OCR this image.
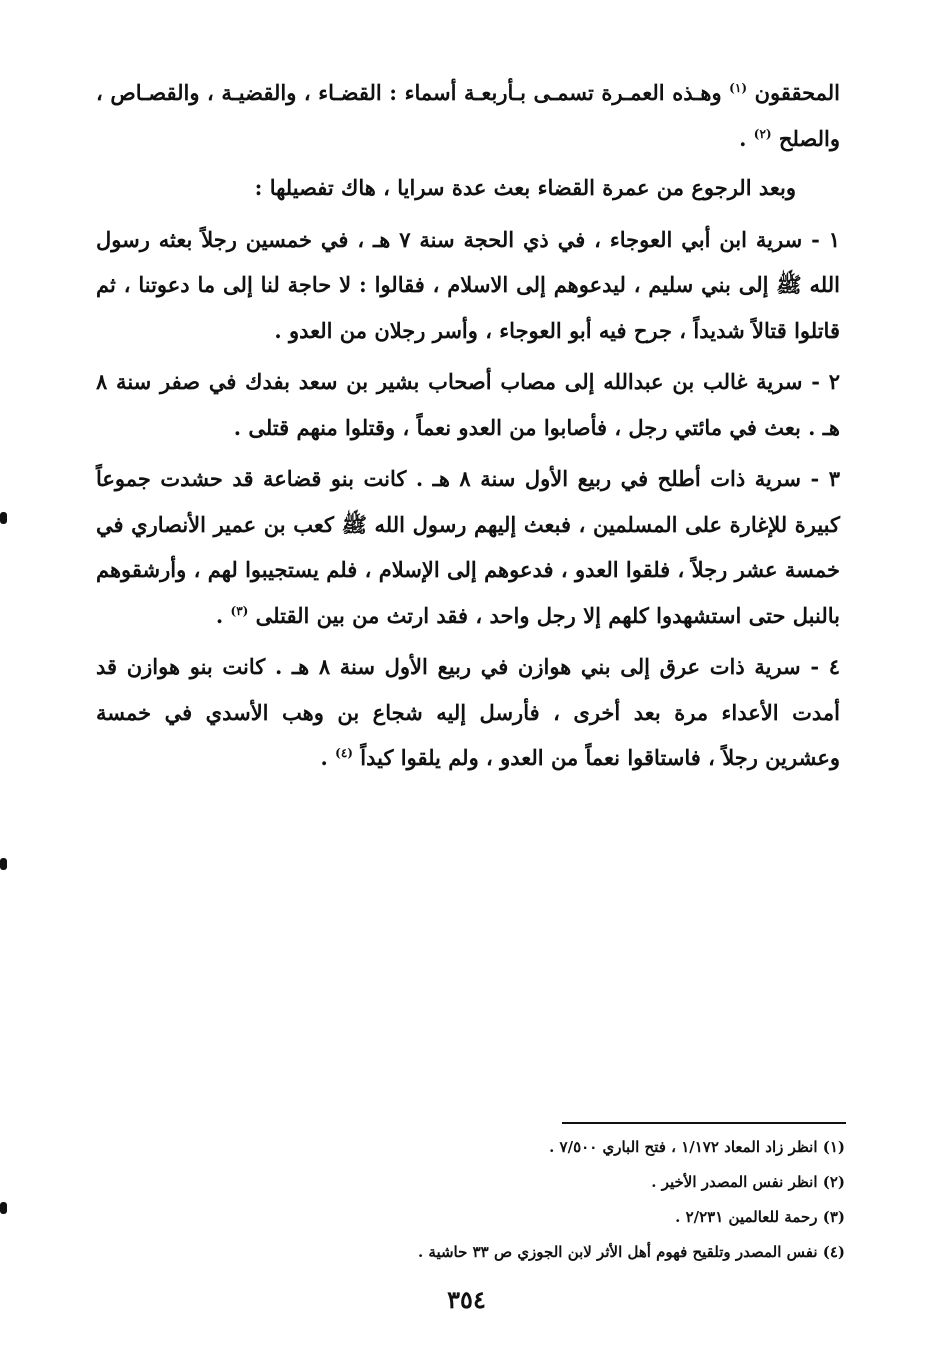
المحققون $^{(١)}$ وهـذه العمـرة تسمـى بـأربعـة أسماء : القضـاء ، والقضيـة ، والقصـاص ، والصلح $^{(٢)}$ .

وبعد الرجوع من عمرة القضاء بعث عدة سرايا ، هاك تفصيلها :

١ - سرية ابن أبي العوجاء ، في ذي الحجة سنة ٧ هـ ، في خمسين رجلاً بعثه رسول الله ﷺ إلى بني سليم ، ليدعوهم إلى الاسلام ، فقالوا : لا حاجة لنا إلى ما دعوتنا ، ثم قاتلوا قتالاً شديداً ، جرح فيه أبو العوجاء ، وأسر رجلان من العدو .

٢ - سرية غالب بن عبدالله إلى مصاب أصحاب بشير بن سعد بفدك في صفر سنة ٨ هـ . بعث في مائتي رجل ، فأصابوا من العدو نعماً ، وقتلوا منهم قتلى .

٣ - سرية ذات أطلح في ربيع الأول سنة ٨ هـ . كانت بنو قضاعة قد حشدت جموعاً كبيرة للإغارة على المسلمين ، فبعث إليهم رسول الله ﷺ كعب بن عمير الأنصاري في خمسة عشر رجلاً ، فلقوا العدو ، فدعوهم إلى الإسلام ، فلم يستجيبوا لهم ، وأرشقوهم بالنبل حتى استشهدوا كلهم إلا رجل واحد ، فقد ارتث من بين القتلى $^{(٣)}$ .

٤ - سرية ذات عرق إلى بني هوازن في ربيع الأول سنة ٨ هـ . كانت بنو هوازن قد أمدت الأعداء مرة بعد أخرى ، فأرسل إليه شجاع بن وهب الأسدي في خمسة وعشرين رجلاً ، فاستاقوا نعماً من العدو ، ولم يلقوا كيداً $^{(٤)}$ .

(١) انظر زاد المعاد ١/١٧٢ ، فتح الباري ٧/٥٠٠ .
(٢) انظر نفس المصدر الأخير .
(٣) رحمة للعالمين ٢/٢٣١ .
(٤) نفس المصدر وتلقيح فهوم أهل الأثر لابن الجوزي ص ٣٣ حاشية .
٣٥٤
